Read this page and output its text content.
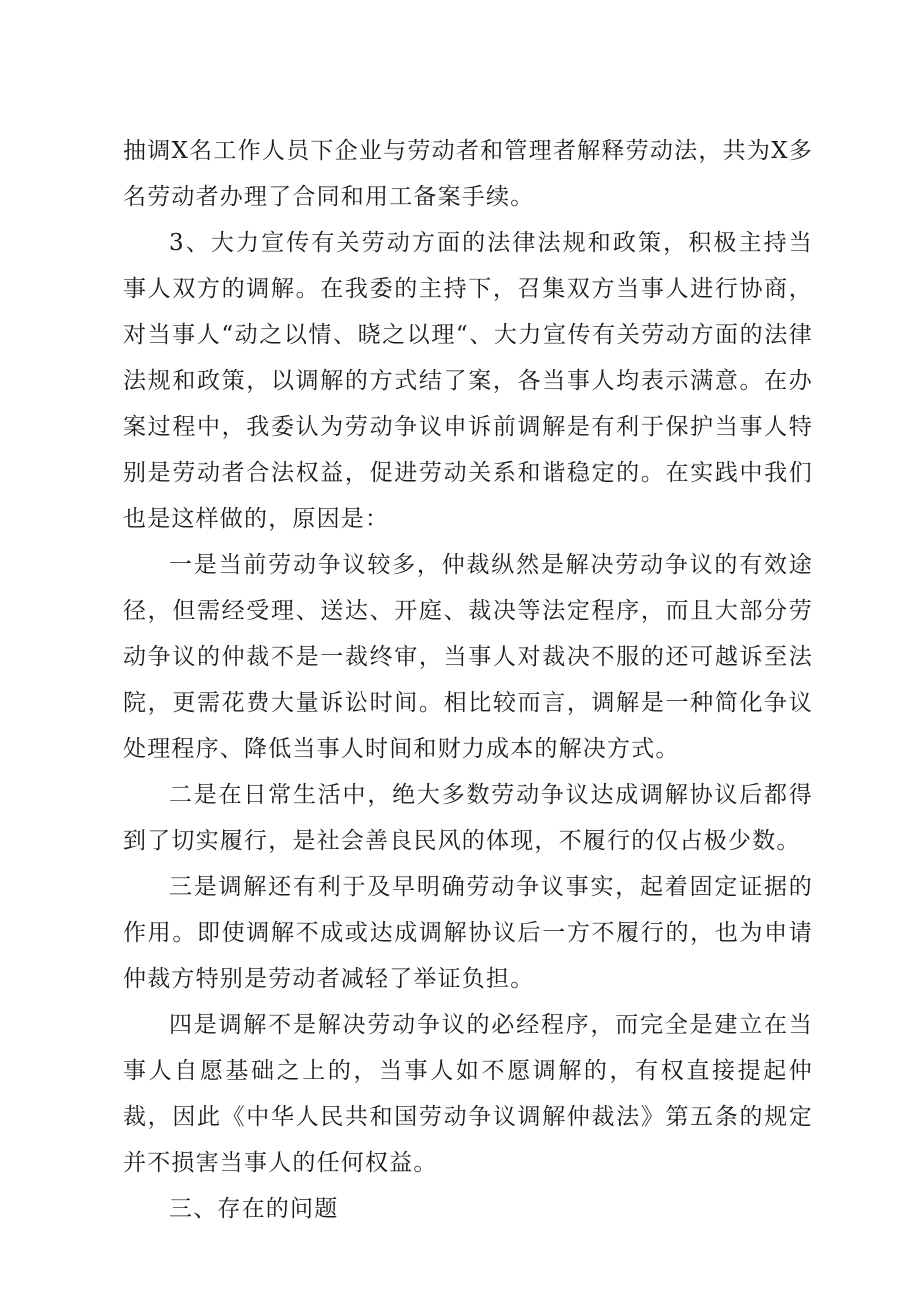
抽调X名工作人员下企业与劳动者和管理者解释劳动法，共为X多名劳动者办理了合同和用工备案手续。

3、大力宣传有关劳动方面的法律法规和政策，积极主持当事人双方的调解。在我委的主持下，召集双方当事人进行协商，对当事人“动之以情、晓之以理“、大力宣传有关劳动方面的法律法规和政策，以调解的方式结了案，各当事人均表示满意。在办案过程中，我委认为劳动争议申诉前调解是有利于保护当事人特别是劳动者合法权益，促进劳动关系和谐稳定的。在实践中我们也是这样做的，原因是：

一是当前劳动争议较多，仲裁纵然是解决劳动争议的有效途径，但需经受理、送达、开庭、裁决等法定程序，而且大部分劳动争议的仲裁不是一裁终审，当事人对裁决不服的还可越诉至法院，更需花费大量诉讼时间。相比较而言，调解是一种简化争议处理程序、降低当事人时间和财力成本的解决方式。

二是在日常生活中，绝大多数劳动争议达成调解协议后都得到了切实履行，是社会善良民风的体现，不履行的仅占极少数。

三是调解还有利于及早明确劳动争议事实，起着固定证据的作用。即使调解不成或达成调解协议后一方不履行的，也为申请仲裁方特别是劳动者减轻了举证负担。

四是调解不是解决劳动争议的必经程序，而完全是建立在当事人自愿基础之上的，当事人如不愿调解的，有权直接提起仲裁，因此《中华人民共和国劳动争议调解仲裁法》第五条的规定并不损害当事人的任何权益。

三、存在的问题
